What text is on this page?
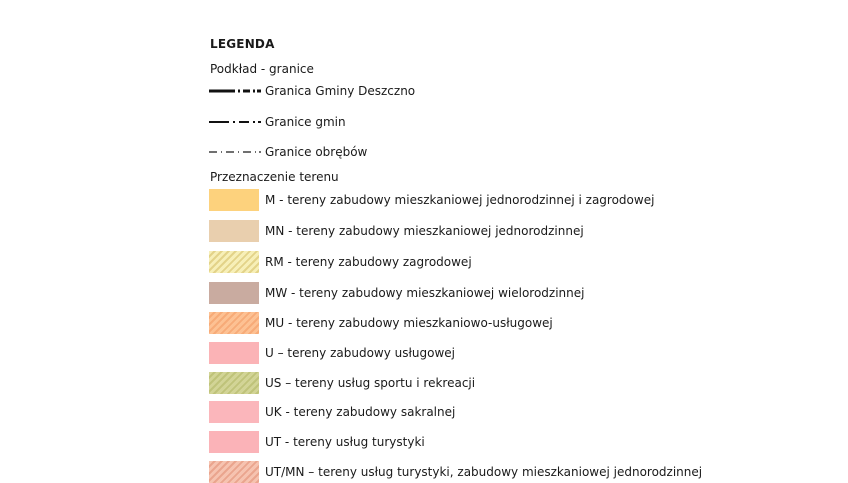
LEGENDA
Podkład - granice
Granica Gminy Deszczno
Granice gmin
Granice obrębów
Przeznaczenie terenu
M - tereny zabudowy mieszkaniowej jednorodzinnej i zagrodowej
MN - tereny zabudowy mieszkaniowej jednorodzinnej
RM - tereny zabudowy zagrodowej
MW - tereny zabudowy mieszkaniowej wielorodzinnej
MU - tereny zabudowy mieszkaniowo-usługowej
U – tereny zabudowy usługowej
US – tereny usług sportu i rekreacji
UK - tereny zabudowy sakralnej
UT - tereny usług turystyki
UT/MN – tereny usług turystyki, zabudowy mieszkaniowej jednorodzinnej
